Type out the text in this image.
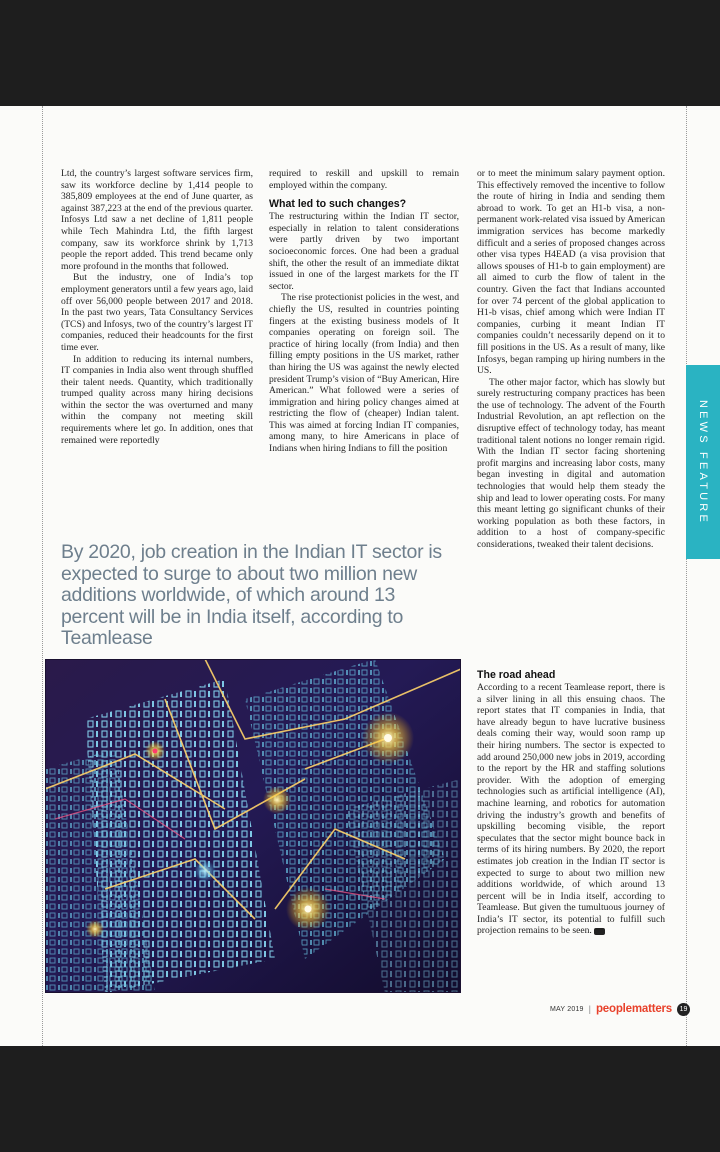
Ltd, the country’s largest software services firm, saw its workforce decline by 1,414 people to 385,809 employees at the end of June quarter, as against 387,223 at the end of the previous quarter. Infosys Ltd saw a net decline of 1,811 people while Tech Mahindra Ltd, the fifth largest company, saw its workforce shrink by 1,713 people the report added. This trend became only more profound in the months that followed.

But the industry, one of India’s top employment generators until a few years ago, laid off over 56,000 people between 2017 and 2018. In the past two years, Tata Consultancy Services (TCS) and Infosys, two of the country’s largest IT companies, reduced their headcounts for the first time ever.

In addition to reducing its internal numbers, IT companies in India also went through shuffled their talent needs. Quantity, which traditionally trumped quality across many hiring decisions within the sector the was overturned and many within the company not meeting skill requirements where let go. In addition, ones that remained were reportedly

required to reskill and upskill to remain employed within the company.

What led to such changes?

The restructuring within the Indian IT sector, especially in relation to talent considerations were partly driven by two important socioeconomic forces. One had been a gradual shift, the other the result of an immediate diktat issued in one of the largest markets for the IT sector.

The rise protectionist policies in the west, and chiefly the US, resulted in countries pointing fingers at the existing business models of It companies operating on foreign soil. The practice of hiring locally (from India) and then filling empty positions in the US market, rather than hiring the US was against the newly elected president Trump’s vision of “Buy American, Hire American.” What followed were a series of immigration and hiring policy changes aimed at restricting the flow of (cheaper) Indian talent. This was aimed at forcing Indian IT companies, among many, to hire Americans in place of Indians when hiring Indians to fill the position

or to meet the minimum salary payment option. This effectively removed the incentive to follow the route of hiring in India and sending them abroad to work. To get an H1-b visa, a non-permanent work-related visa issued by American immigration services has become markedly difficult and a series of proposed changes across other visa types H4EAD (a visa provision that allows spouses of H1-b to gain employment) are all aimed to curb the flow of talent in the country. Given the fact that Indians accounted for over 74 percent of the global application to H1-b visas, chief among which were Indian IT companies, curbing it meant Indian IT companies couldn’t necessarily depend on it to fill positions in the US. As a result of many, like Infosys, began ramping up hiring numbers in the US.

The other major factor, which has slowly but surely restructuring company practices has been the use of technology. The advent of the Fourth Industrial Revolution, an apt reflection on the disruptive effect of technology today, has meant traditional talent notions no longer remain rigid. With the Indian IT sector facing shortening profit margins and increasing labor costs, many began investing in digital and automation technologies that would help them steady the ship and lead to lower operating costs. For many this meant letting go significant chunks of their working population as both these factors, in addition to a host of company-specific considerations, tweaked their talent decisions.

The road ahead

According to a recent Teamlease report, there is a silver lining in all this ensuing chaos. The report states that IT companies in India, that have already begun to have lucrative business deals coming their way, would soon ramp up their hiring numbers. The sector is expected to add around 250,000 new jobs in 2019, according to the report by the HR and staffing solutions provider. With the adoption of emerging technologies such as artificial intelligence (AI), machine learning, and robotics for automation driving the industry’s growth and benefits of upskilling becoming visible, the report speculates that the sector might bounce back in terms of its hiring numbers. By 2020, the report estimates job creation in the Indian IT sector is expected to surge to about two million new additions worldwide, of which around 13 percent will be in India itself, according to Teamlease. But given the tumultuous journey of India’s IT sector, its potential to fulfill such projection remains to be seen.

By 2020, job creation in the Indian IT sector is expected to surge to about two million new additions worldwide, of which around 13 percent will be in India itself, according to Teamlease

MAY 2019 | peoplematters	19
NEWS FEATURE
